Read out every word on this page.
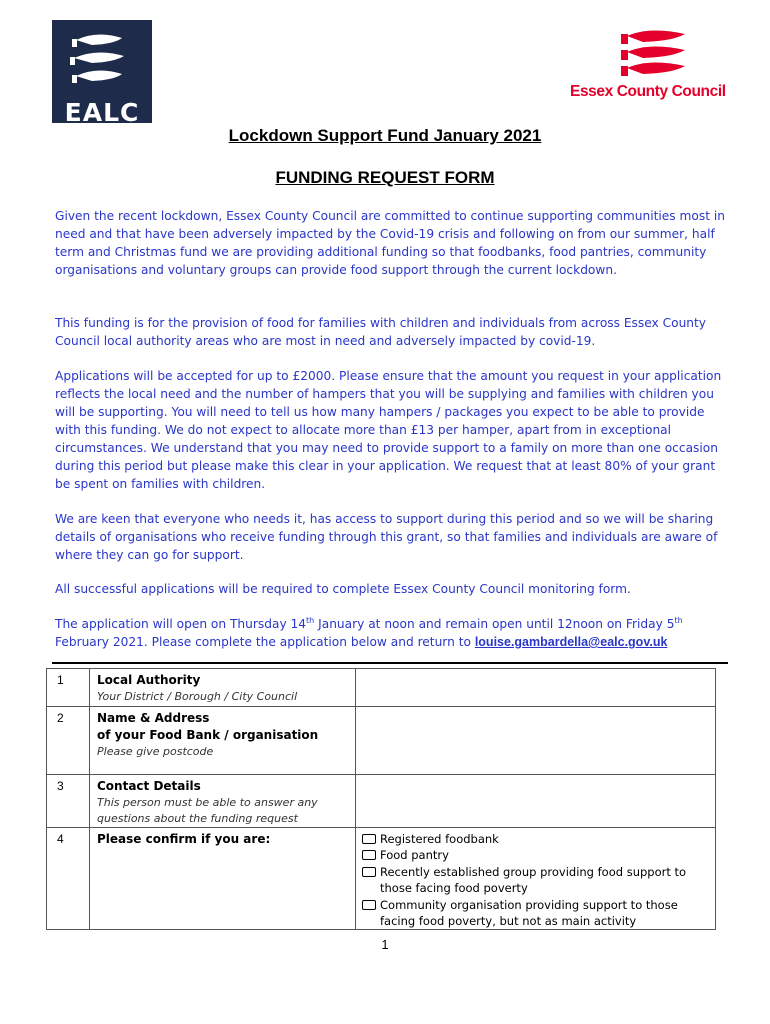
EALC
Essex County Council
Lockdown Support Fund January 2021
FUNDING REQUEST FORM
Given the recent lockdown, Essex County Council are committed to continue supporting communities most in need and that have been adversely impacted by the Covid-19 crisis and following on from our summer, half term and Christmas fund we are providing additional funding so that foodbanks, food pantries, community organisations and voluntary groups can provide food support through the current lockdown.
This funding is for the provision of food for families with children and individuals from across Essex County Council local authority areas who are most in need and adversely impacted by covid-19.
Applications will be accepted for up to £2000. Please ensure that the amount you request in your application reflects the local need and the number of hampers that you will be supplying and families with children you will be supporting. You will need to tell us how many hampers / packages you expect to be able to provide with this funding. We do not expect to allocate more than £13 per hamper, apart from in exceptional circumstances. We understand that you may need to provide support to a family on more than one occasion during this period but please make this clear in your application. We request that at least 80% of your grant be spent on families with children.
We are keen that everyone who needs it, has access to support during this period and so we will be sharing details of organisations who receive funding through this grant, so that families and individuals are aware of where they can go for support.
All successful applications will be required to complete Essex County Council monitoring form.
The application will open on Thursday 14th January at noon and remain open until 12noon on Friday 5th February 2021. Please complete the application below and return to louise.gambardella@ealc.gov.uk
1	Local Authority
Your District / Borough / City Council	

2	Name & Address
of your Food Bank / organisation
Please give postcode	

3	Contact Details
This person must be able to answer any
questions about the funding request	

4	Please confirm if you are:	Registered foodbank
Food pantry
Recently established group providing food support to those facing food poverty
Community organisation providing support to those facing food poverty, but not as main activity
1
